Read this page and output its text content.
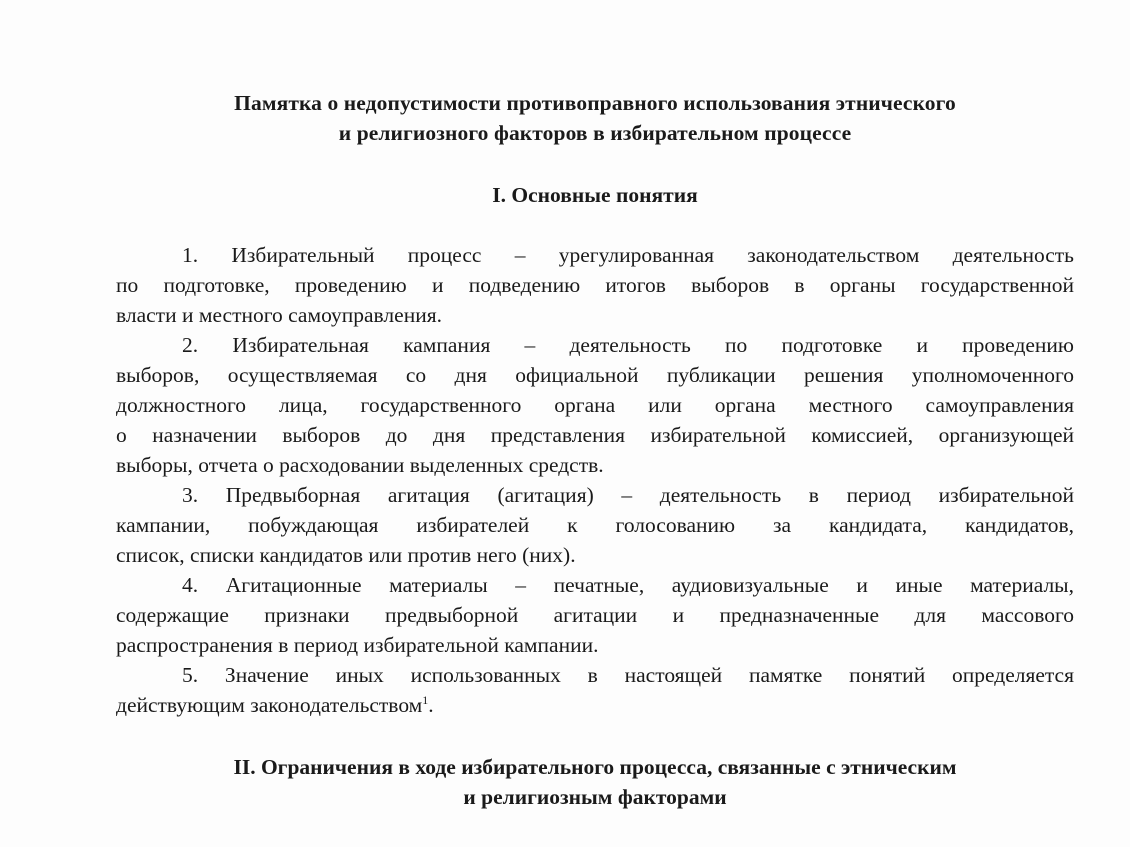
Памятка о недопустимости противоправного использования этнического
и религиозного факторов в избирательном процессе
I. Основные понятия
1. Избирательный процесс – урегулированная законодательством деятельность
по подготовке, проведению и подведению итогов выборов в органы государственной
власти и местного самоуправления.
2. Избирательная кампания – деятельность по подготовке и проведению
выборов, осуществляемая со дня официальной публикации решения уполномоченного
должностного лица, государственного органа или органа местного самоуправления
о назначении выборов до дня представления избирательной комиссией, организующей
выборы, отчета о расходовании выделенных средств.
3. Предвыборная агитация (агитация) – деятельность в период избирательной
кампании, побуждающая избирателей к голосованию за кандидата, кандидатов,
список, списки кандидатов или против него (них).
4. Агитационные материалы – печатные, аудиовизуальные и иные материалы,
содержащие признаки предвыборной агитации и предназначенные для массового
распространения в период избирательной кампании.
5. Значение иных использованных в настоящей памятке понятий определяется
действующим законодательством$^1$.
II. Ограничения в ходе избирательного процесса, связанные с этническим
и религиозным факторами
